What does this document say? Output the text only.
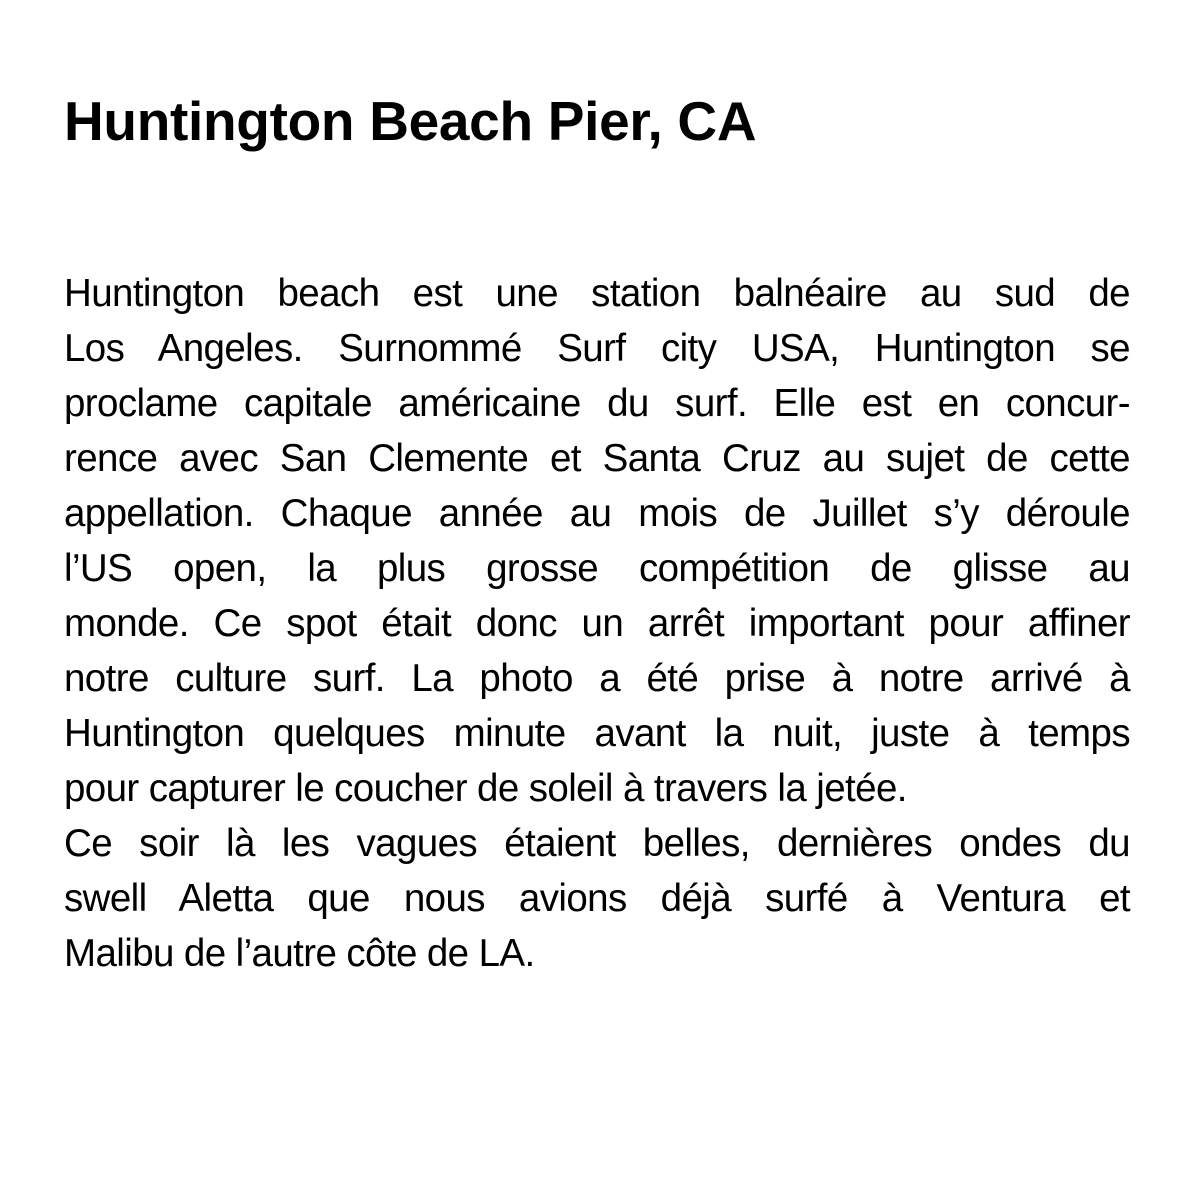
Huntington Beach Pier, CA
Huntington beach est une station balnéaire au sud de
Los Angeles. Surnommé Surf city USA, Huntington se
proclame capitale américaine du surf. Elle est en concur-
rence avec San Clemente et Santa Cruz au sujet de cette
appellation. Chaque année au mois de Juillet s’y déroule
l’US open, la plus grosse compétition de glisse au
monde. Ce spot était donc un arrêt important pour affiner
notre culture surf. La photo a été prise à notre arrivé à
Huntington quelques minute avant la nuit, juste à temps
pour capturer le coucher de soleil à travers la jetée.
Ce soir là les vagues étaient belles, dernières ondes du
swell Aletta que nous avions déjà surfé à Ventura et
Malibu de l’autre côte de LA.
